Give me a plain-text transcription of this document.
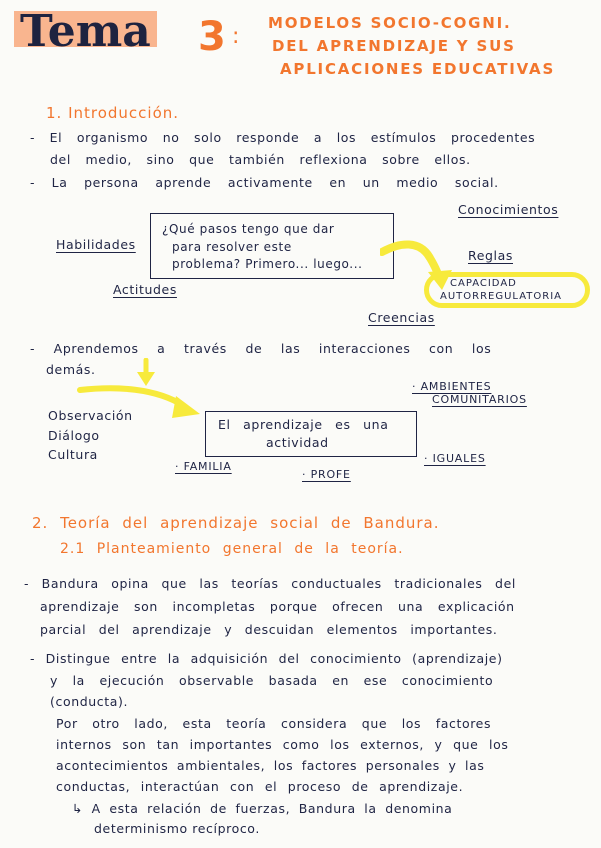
Tema 3 :
MODELOS SOCIO-COGNI.
DEL APRENDIZAJE Y SUS
APLICACIONES EDUCATIVAS
1. Introducción.
- El organismo no solo responde a los estímulos procedentes
del medio, sino que también reflexiona sobre ellos.
- La persona aprende activamente en un medio social.
¿Qué pasos tengo que dar
para resolver este
problema? Primero... luego...
Habilidades
Actitudes
Conocimientos
Reglas
Creencias
CAPACIDAD
AUTORREGULATORIA
- Aprendemos a través de las interacciones con los
demás.
Observación
Diálogo
Cultura
El aprendizaje es una
actividad
· AMBIENTES
COMUNITARIOS
· FAMILIA
· PROFE
· IGUALES
2. Teoría del aprendizaje social de Bandura.
2.1 Planteamiento general de la teoría.
- Bandura opina que las teorías conductuales tradicionales del
aprendizaje son incompletas porque ofrecen una explicación
parcial del aprendizaje y descuidan elementos importantes.
- Distingue entre la adquisición del conocimiento (aprendizaje)
y la ejecución observable basada en ese conocimiento
(conducta).
Por otro lado, esta teoría considera que los factores
internos son tan importantes como los externos, y que los
acontecimientos ambientales, los factores personales y las
conductas, interactúan con el proceso de aprendizaje.
↳ A esta relación de fuerzas, Bandura la denomina
determinismo recíproco.
